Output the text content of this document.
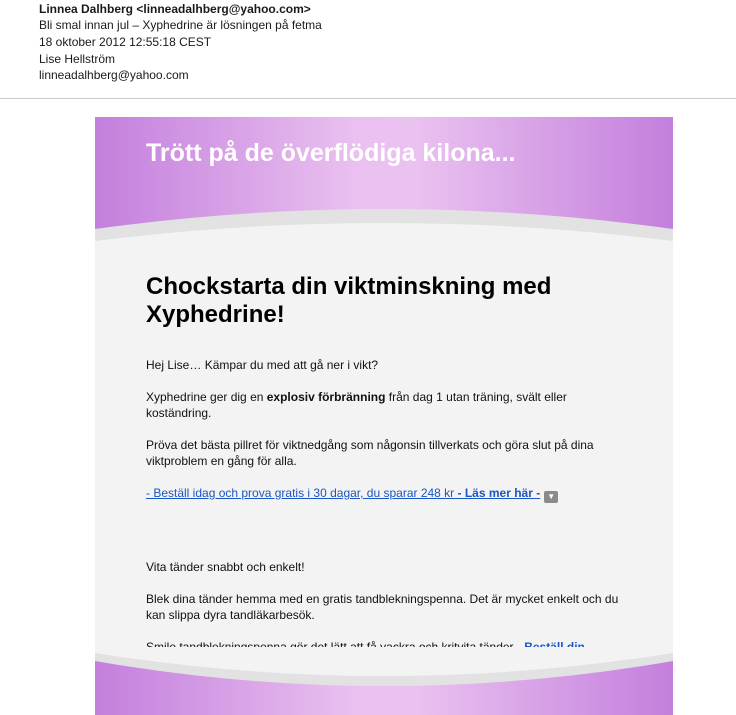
Linnea Dalhberg <linneadalhberg@yahoo.com>
Bli smal innan jul – Xyphedrine är lösningen på fetma
18 oktober 2012 12:55:18 CEST
Lise Hellström
linneadalhberg@yahoo.com
Trött på de överflödiga kilona...
Chockstarta din viktminskning med Xyphedrine!

Hej Lise… Kämpar du med att gå ner i vikt?

Xyphedrine ger dig en explosiv förbränning från dag 1 utan träning, svält eller koständring.

Pröva det bästa pillret för viktnedgång som någonsin tillverkats och göra slut på dina viktproblem en gång för alla.

- Beställ idag och prova gratis i 30 dagar, du sparar 248 kr - Läs mer här - ▼

Vita tänder snabbt och enkelt!

Blek dina tänder hemma med en gratis tandblekningspenna. Det är mycket enkelt och du kan slippa dyra tandläkarbesök.
